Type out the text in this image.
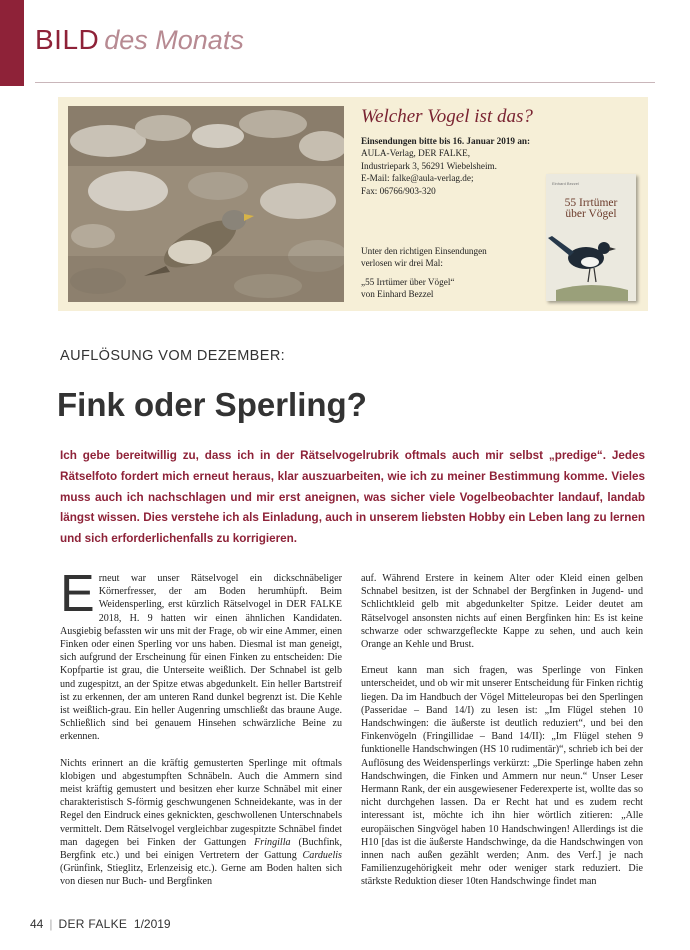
BILD des Monats
Welcher Vogel ist das?
Einsendungen bitte bis 16. Januar 2019 an:
AULA-Verlag, DER FALKE,
Industriepark 3, 56291 Wiebelsheim.
E-Mail: falke@aula-verlag.de;
Fax: 06766/903-320
Unter den richtigen Einsendungen
verlosen wir drei Mal:
„55 Irrtümer über Vögel“
von Einhard Bezzel
Einhard Bezzel
55 Irrtümer
über Vögel
AUFLÖSUNG VOM DEZEMBER:
Fink oder Sperling?

Ich gebe bereitwillig zu, dass ich in der Rätselvogelrubrik oftmals auch mir selbst „predige“. Jedes Rätselfoto fordert mich erneut heraus, klar auszuarbeiten, wie ich zu meiner Bestimmung komme. Vieles muss auch ich nachschlagen und mir erst aneignen, was sicher viele Vogelbeobachter landauf, landab längst wissen. Dies verstehe ich als Einladung, auch in unserem liebsten Hobby ein Leben lang zu lernen und sich erforderlichenfalls zu korrigieren.

Erneut war unser Rätselvogel ein dickschnäbeliger Körnerfresser, der am Boden herumhüpft. Beim Weidensperling, erst kürzlich Rätselvogel in DER FALKE 2018, H. 9 hatten wir einen ähnlichen Kandidaten. Ausgiebig befassten wir uns mit der Frage, ob wir eine Ammer, einen Finken oder einen Sperling vor uns haben. Diesmal ist man geneigt, sich aufgrund der Erscheinung für einen Finken zu entscheiden: Die Kopfpartie ist grau, die Unterseite weißlich. Der Schnabel ist gelb und zugespitzt, an der Spitze etwas abgedunkelt. Ein heller Bartstreif ist zu erkennen, der am unteren Rand dunkel begrenzt ist. Die Kehle ist weißlich-grau. Ein heller Augenring umschließt das braune Auge. Schließlich sind bei genauem Hinsehen schwärzliche Beine zu erkennen.

Nichts erinnert an die kräftig gemusterten Sperlinge mit oftmals klobigen und abgestumpften Schnäbeln. Auch die Ammern sind meist kräftig gemustert und besitzen eher kurze Schnäbel mit einer charakteristisch S-förmig geschwungenen Schneidekante, was in der Regel den Eindruck eines geknickten, geschwollenen Unterschnabels vermittelt. Dem Rätselvogel vergleichbar zugespitzte Schnäbel findet man dagegen bei Finken der Gattungen Fringilla (Buchfink, Bergfink etc.) und bei einigen Vertretern der Gattung Carduelis (Grünfink, Stieglitz, Erlenzeisig etc.). Gerne am Boden halten sich von diesen nur Buch- und Bergfinken

auf. Während Erstere in keinem Alter oder Kleid einen gelben Schnabel besitzen, ist der Schnabel der Bergfinken in Jugend- und Schlichtkleid gelb mit abgedunkelter Spitze. Leider deutet am Rätselvogel ansonsten nichts auf einen Bergfinken hin: Es ist keine schwarze oder schwarzgefleckte Kappe zu sehen, und auch kein Orange an Kehle und Brust.

Erneut kann man sich fragen, was Sperlinge von Finken unterscheidet, und ob wir mit unserer Entscheidung für Finken richtig liegen. Da im Handbuch der Vögel Mitteleuropas bei den Sperlingen (Passeridae – Band 14/I) zu lesen ist: „Im Flügel stehen 10 Handschwingen: die äußerste ist deutlich reduziert“, und bei den Finkenvögeln (Fringillidae – Band 14/II): „Im Flügel stehen 9 funktionelle Handschwingen (HS 10 rudimentär)“, schrieb ich bei der Auflösung des Weidensperlings verkürzt: „Die Sperlinge haben zehn Handschwingen, die Finken und Ammern nur neun.“ Unser Leser Hermann Rank, der ein ausgewiesener Federexperte ist, wollte das so nicht durchgehen lassen. Da er Recht hat und es zudem recht interessant ist, möchte ich ihn hier wörtlich zitieren: „Alle europäischen Singvögel haben 10 Handschwingen! Allerdings ist die H10 [das ist die äußerste Handschwinge, da die Handschwingen von innen nach außen gezählt werden; Anm. des Verf.] je nach Familienzugehörigkeit mehr oder weniger stark reduziert. Die stärkste Reduktion dieser 10ten Handschwinge findet man

44 | DER FALKE 1/2019
